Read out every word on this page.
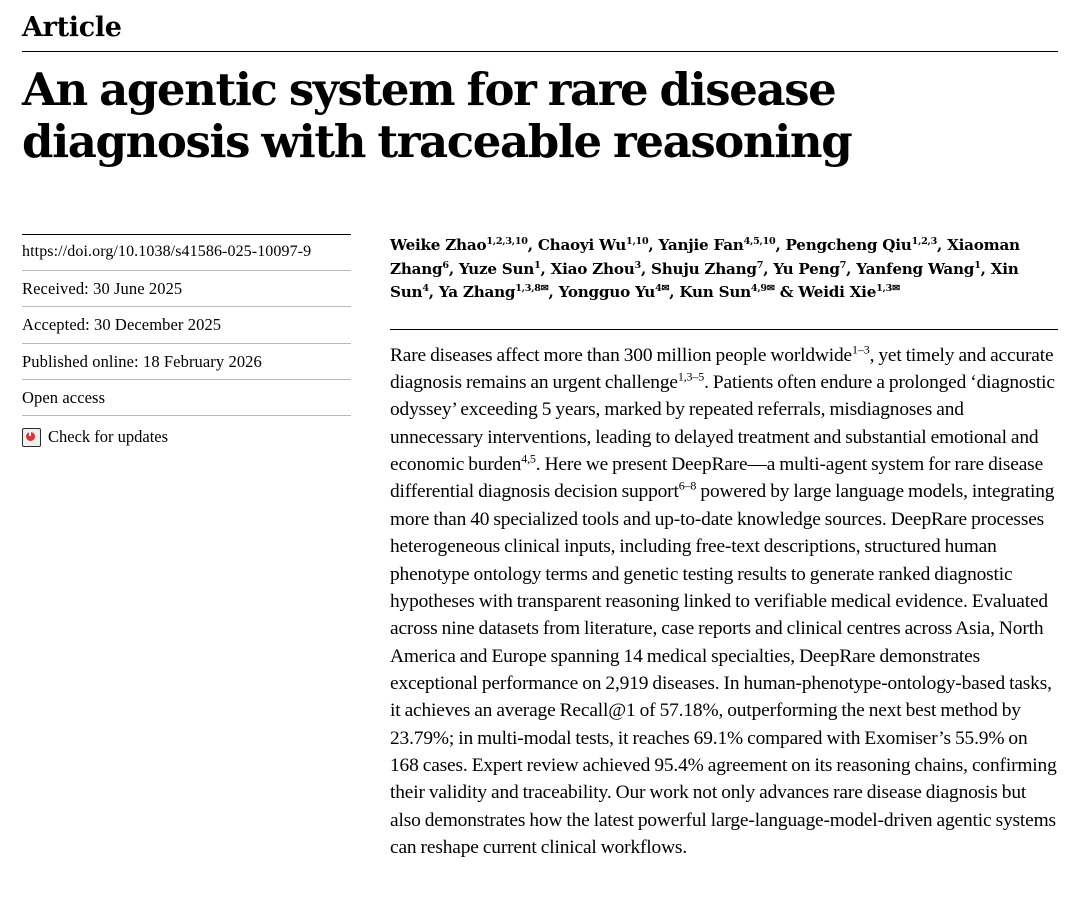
Article
An agentic system for rare disease diagnosis with traceable reasoning
https://doi.org/10.1038/s41586-025-10097-9
Received: 30 June 2025
Accepted: 30 December 2025
Published online: 18 February 2026
Open access
Check for updates
Weike Zhao$^{1,2,3,10}$, Chaoyi Wu$^{1,10}$, Yanjie Fan$^{4,5,10}$, Pengcheng Qiu$^{1,2,3}$, Xiaoman Zhang$^6$, Yuze Sun$^1$, Xiao Zhou$^3$, Shuju Zhang$^7$, Yu Peng$^7$, Yanfeng Wang$^1$, Xin Sun$^4$, Ya Zhang$^{1,3,8✉}$, Yongguo $Yu^{4✉}$, Kun Sun$^{4,9✉}$ & Weidi Xie$^{1,3✉}$
Rare diseases affect more than 300 million people worldwide$^{1-3}$, yet timely and accurate diagnosis remains an urgent challenge$^{1,3-5}$. Patients often endure a prolonged ‘diagnostic odyssey’ exceeding 5 years, marked by repeated referrals, misdiagnoses and unnecessary interventions, leading to delayed treatment and substantial emotional and economic burden$^{4,5}$. Here we present DeepRare—a multi-agent system for rare disease differential diagnosis decision support$^{6-8}$ powered by large language models, integrating more than 40 specialized tools and up-to-date knowledge sources. DeepRare processes heterogeneous clinical inputs, including free-text descriptions, structured human phenotype ontology terms and genetic testing results to generate ranked diagnostic hypotheses with transparent reasoning linked to verifiable medical evidence. Evaluated across nine datasets from literature, case reports and clinical centres across Asia, North America and Europe spanning 14 medical specialties, DeepRare demonstrates exceptional performance on 2,919 diseases. In human-phenotype-ontology-based tasks, it achieves an average Recall@1 of 57.18%, outperforming the next best method by 23.79%; in multi-modal tests, it reaches 69.1% compared with Exomiser’s 55.9% on 168 cases. Expert review achieved 95.4% agreement on its reasoning chains, confirming their validity and traceability. Our work not only advances rare disease diagnosis but also demonstrates how the latest powerful large-language-model-driven agentic systems can reshape current clinical workflows.
